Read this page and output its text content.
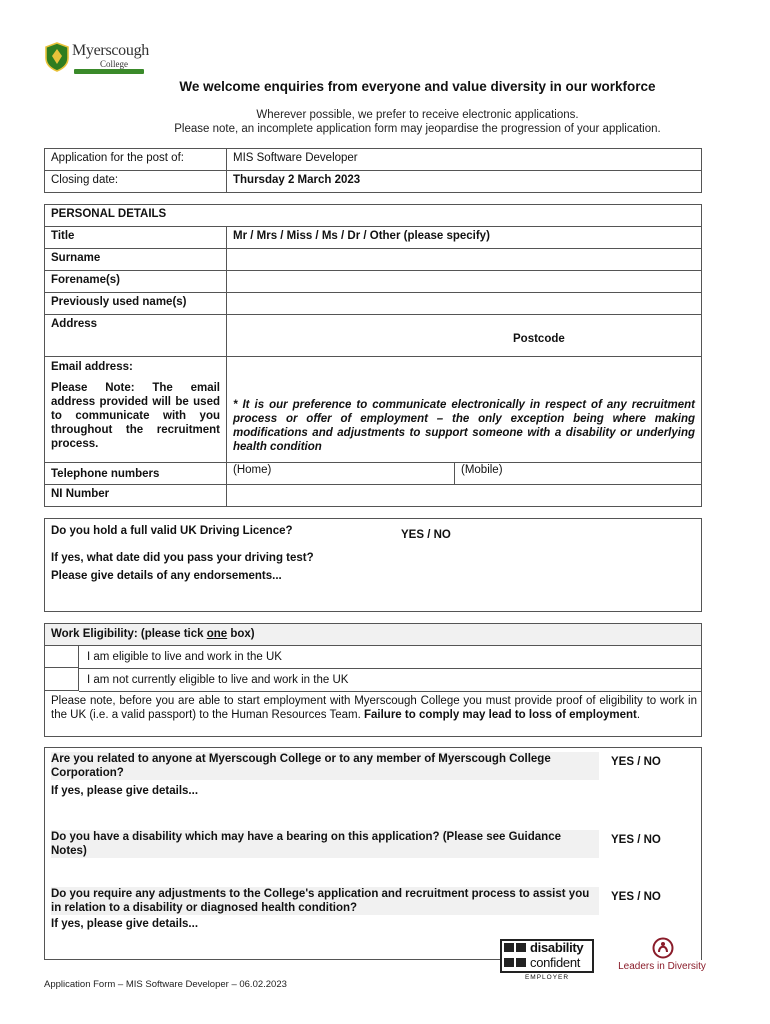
Myerscough
College
We welcome enquiries from everyone and value diversity in our workforce
Wherever possible, we prefer to receive electronic applications.
Please note, an incomplete application form may jeopardise the progression of your application.
Application for the post of:	MIS Software Developer
Closing date:	Thursday 2 March 2023
PERSONAL DETAILS		
Title	Mr / Mrs / Miss / Ms / Dr / Other (please specify)	
Surname		
Forename(s)		
Previously used name(s)		
Address	Postcode	

Email address:
Please Note: The email address provided will be used to communicate with you throughout the recruitment process.	* It is our preference to communicate electronically in respect of any recruitment process or offer of employment – the only exception being where making modifications and adjustments to support someone with a disability or underlying health condition	

Telephone numbers	(Home)	(Mobile)
NI Number		
Do you hold a full valid UK Driving Licence?	YES / NO
If yes, what date did you pass your driving test?
Please give details of any endorsements...
Work Eligibility: (please tick one box)
I am eligible to live and work in the UK
I am not currently eligible to live and work in the UK
Please note, before you are able to start employment with Myerscough College you must provide proof of eligibility to work in the UK (i.e. a valid passport) to the Human Resources Team. Failure to comply may lead to loss of employment.
Are you related to anyone at Myerscough College or to any member of Myerscough College Corporation?
YES / NO
If yes, please give details...
Do you have a disability which may have a bearing on this application? (Please see Guidance Notes)
YES / NO
Do you require any adjustments to the College's application and recruitment process to assist you in relation to a disability or diagnosed health condition?
YES / NO
If yes, please give details...
disability
confident
EMPLOYER
Leaders in Diversity
Application Form – MIS Software Developer – 06.02.2023
